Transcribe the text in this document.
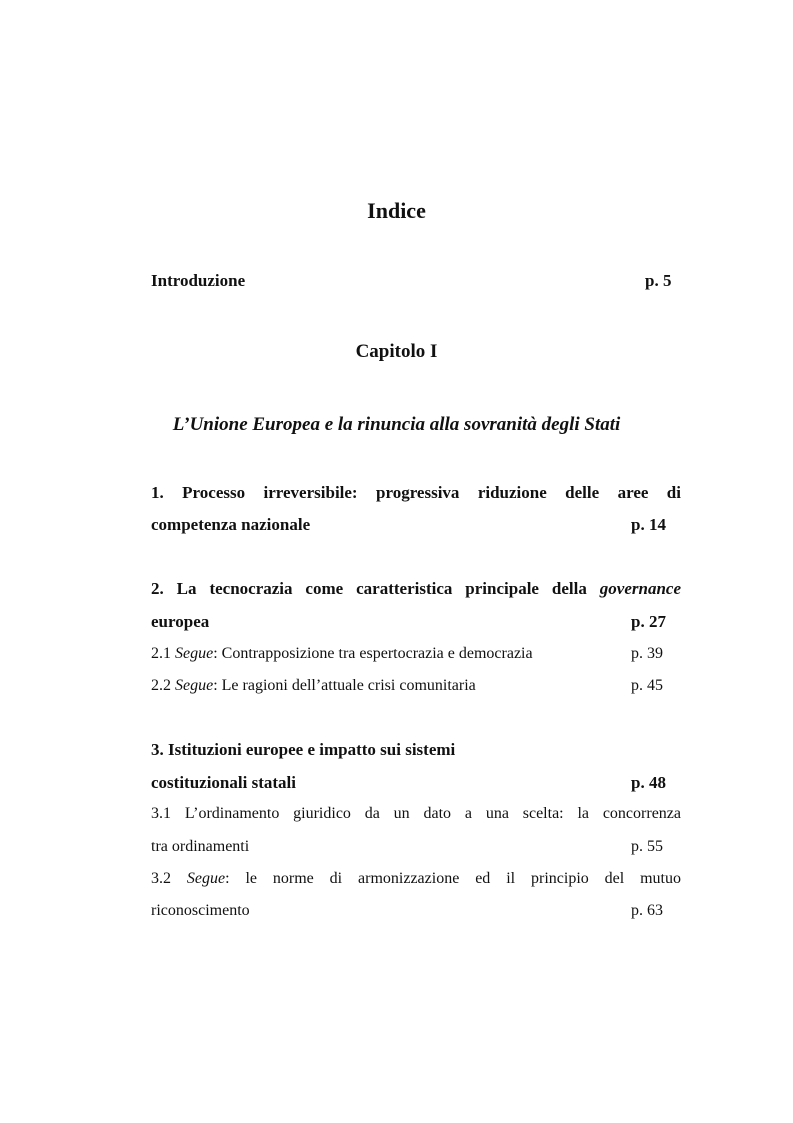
Indice
Introduzione	p. 5
Capitolo I
L’Unione Europea e la rinuncia alla sovranità degli Stati
1. Processo irreversibile: progressiva riduzione delle aree di
competenza nazionale	p. 14
2. La tecnocrazia come caratteristica principale della governance
europea	p. 27
2.1 Segue: Contrapposizione tra espertocrazia e democrazia	p. 39
2.2 Segue: Le ragioni dell’attuale crisi comunitaria	p. 45
3. Istituzioni europee e impatto sui sistemi
costituzionali statali	p. 48
3.1 L’ordinamento giuridico da un dato a una scelta: la concorrenza
tra ordinamenti	p. 55
3.2 Segue: le norme di armonizzazione ed il principio del mutuo
riconoscimento	p. 63
